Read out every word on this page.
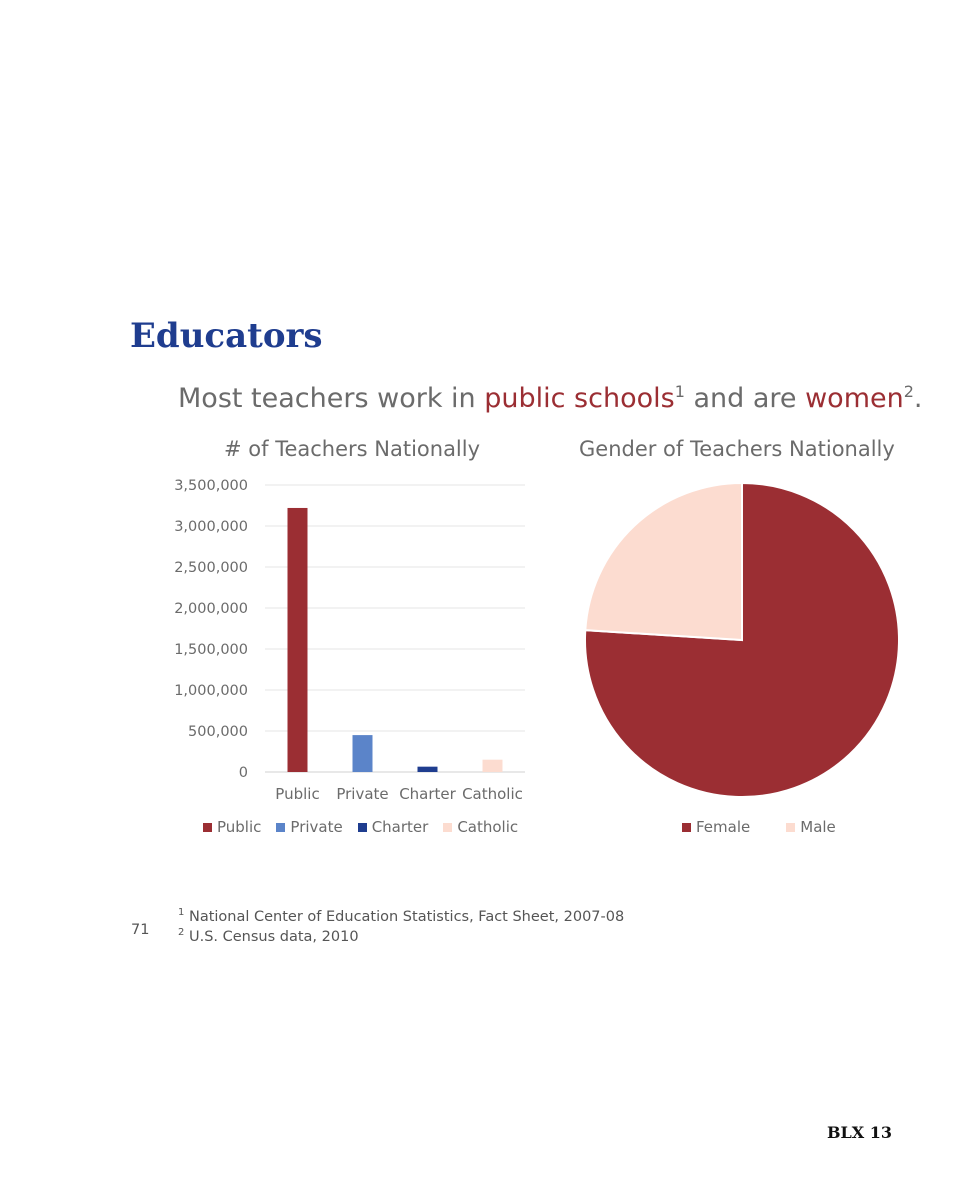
Educators

Most teachers work in public schools$^1$ and are women$^2$.

# of Teachers Nationally	Gender of Teachers Nationally

0
500,000
1,000,000
1,500,000
2,000,000
2,500,000
3,000,000
3,500,000
Public Private Charter Catholic
Public Private Charter Catholic	Female	Male
$^1$ National Center of Education Statistics, Fact Sheet, 2007-08
$^2$ U.S. Census data, 2010
71
BLX 13
